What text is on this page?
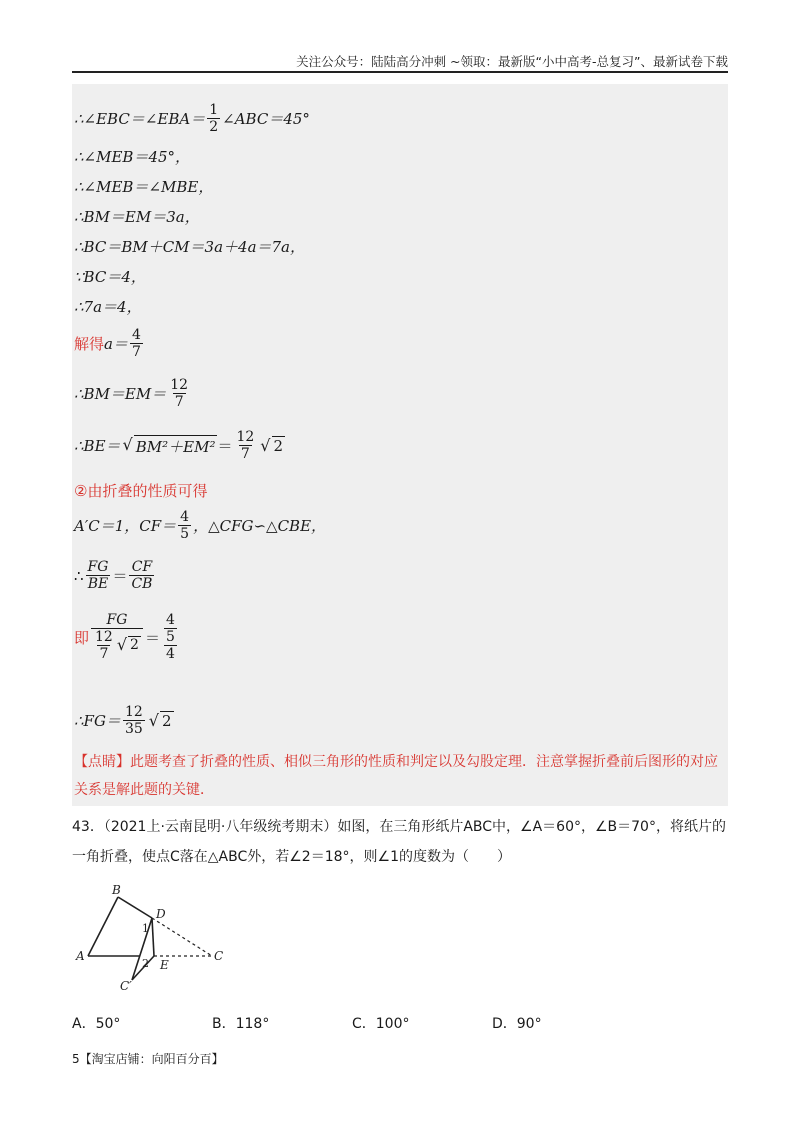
关注公众号：陆陆高分冲刺 ~领取：最新版“小中高考-总复习”、最新试卷下载
∴∠EBC＝∠EBA＝ $\frac{1}{2}$ ∠ABC＝45°
∴∠MEB＝45°，
∴∠MEB＝∠MBE，
∴BM＝EM＝3a，
∴BC＝BM＋CM＝3a＋4a＝7a，
∵BC＝4，
∴7a＝4，
解得 $a= \frac{4}{7}$
∴BM＝EM＝ $\frac{12}{7}$
∴BE＝ √ $BM^2+EM^2 = \frac{12}{7}$ √ 2
②由折叠的性质可得
A′C＝1，$CF= \frac{4}{5}$ ，△CFG∽△CBE，
∴ $\frac{FG}{BE} = \frac{CF}{CB}$
即 $\frac{FG}{\frac{12}{7} √ 2} = \frac{\frac{4}{5}}{4}$
∴FG＝ $\frac{12}{35}$ √ 2
【点睛】此题考查了折叠的性质、相似三角形的性质和判定以及勾股定理．注意掌握折叠前后图形的对应关系是解此题的关键．
43．（2021上·云南昆明·八年级统考期末）如图，在三角形纸片ABC中，∠A＝60°，∠B＝70°，将纸片的一角折叠，使点C落在△ABC外，若∠2＝18°，则∠1的度数为（　　）
B
D
A
E
C
C′
1
2
A．50°	B．118°	C．100°	D．90°
5【淘宝店铺：向阳百分百】
